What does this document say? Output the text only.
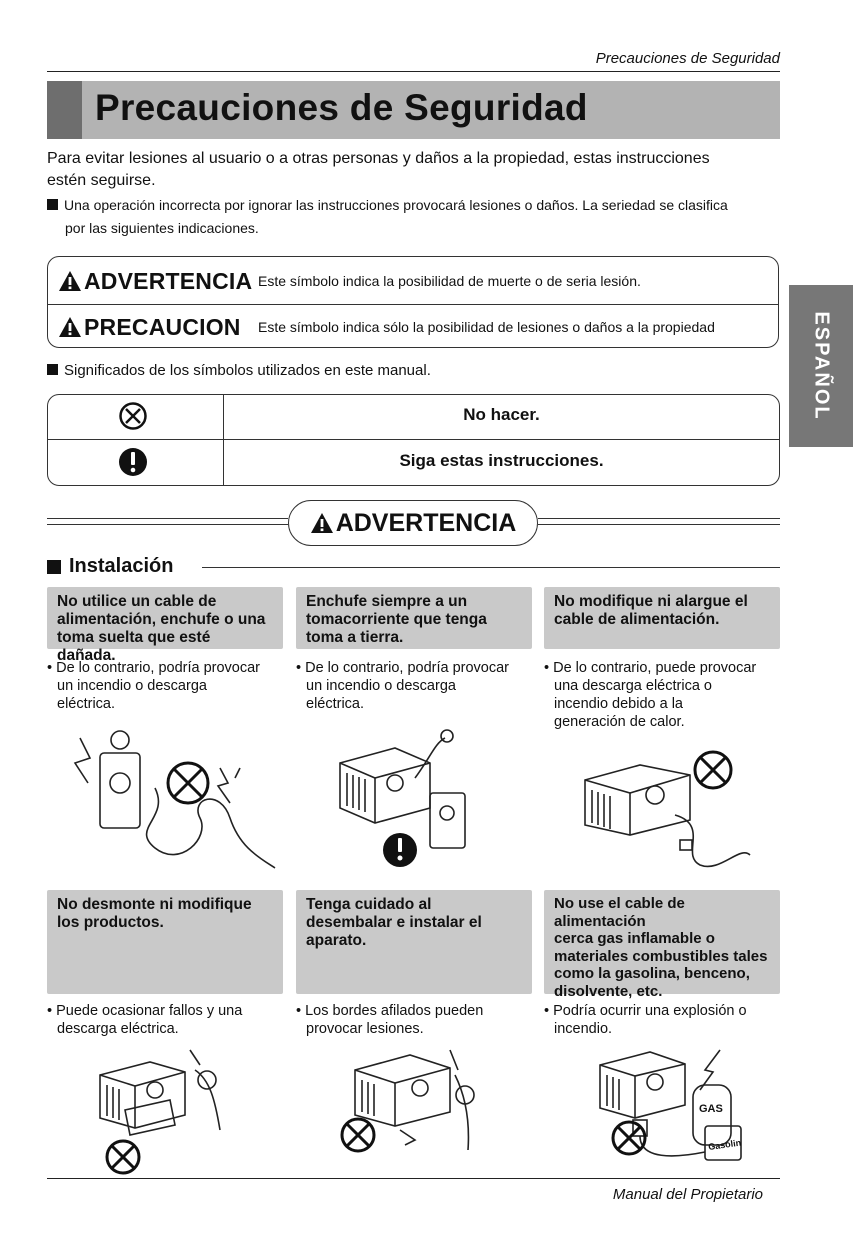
Precauciones de Seguridad
Precauciones de Seguridad
Para evitar lesiones al usuario o a otras personas y daños a la propiedad, estas instrucciones
estén seguirse.
Una operación incorrecta por ignorar las instrucciones provocará lesiones o daños. La seriedad se clasifica
por las siguientes indicaciones.
ADVERTENCIA Este símbolo indica la posibilidad de muerte o de seria lesión.
PRECAUCION Este símbolo indica sólo la posibilidad de lesiones o daños a la propiedad
Significados de los símbolos utilizados en este manual.
No hacer.
Siga estas instrucciones.
ADVERTENCIA
Instalación
No utilice un cable de
alimentación, enchufe o una
toma suelta que esté dañada.
• De lo contrario, podría provocar
un incendio o descarga
eléctrica.
Enchufe siempre a un
tomacorriente que tenga
toma a tierra.
• De lo contrario, podría provocar
un incendio o descarga
eléctrica.
No modifique ni alargue el
cable de alimentación.
• De lo contrario, puede provocar
una descarga eléctrica o
incendio debido a la
generación de calor.
No desmonte ni modifique
los productos.
• Puede ocasionar fallos y una
descarga eléctrica.
Tenga cuidado al
desembalar e instalar el
aparato.
• Los bordes afilados pueden
provocar lesiones.
No use el cable de alimentación
cerca gas inflamable o
materiales combustibles tales
como la gasolina, benceno,
disolvente, etc.
• Podría ocurrir una explosión o
incendio.
GAS
Gasolin
Manual del Propietario
ESPAÑOL
